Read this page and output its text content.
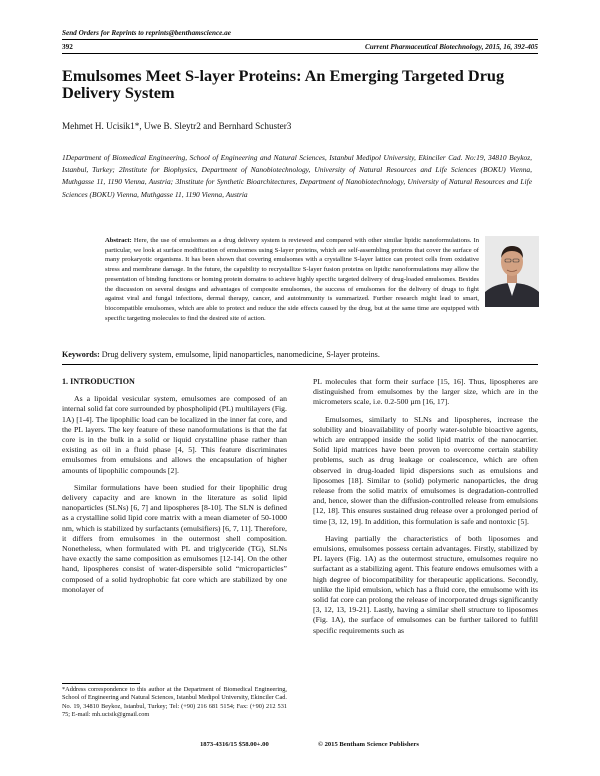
Send Orders for Reprints to reprints@benthamscience.ae
392	Current Pharmaceutical Biotechnology, 2015, 16, 392-405
Emulsomes Meet S-layer Proteins: An Emerging Targeted Drug Delivery System
Mehmet H. Ucisik1*, Uwe B. Sleytr2 and Bernhard Schuster3
1Department of Biomedical Engineering, School of Engineering and Natural Sciences, Istanbul Medipol University, Ekinciler Cad. No:19, 34810 Beykoz, Istanbul, Turkey; 2Institute for Biophysics, Department of Nanobiotechnology, University of Natural Resources and Life Sciences (BOKU) Vienna, Muthgasse 11, 1190 Vienna, Austria; 3Institute for Synthetic Bioarchitectures, Department of Nanobiotechnology, University of Natural Resources and Life Sciences (BOKU) Vienna, Muthgasse 11, 1190 Vienna, Austria
Abstract: Here, the use of emulsomes as a drug delivery system is reviewed and compared with other similar lipidic nanoformulations. In particular, we look at surface modification of emulsomes using S-layer proteins, which are self-assembling proteins that cover the surface of many prokaryotic organisms. It has been shown that covering emulsomes with a crystalline S-layer lattice can protect cells from oxidative stress and membrane damage. In the future, the capability to recrystallize S-layer fusion proteins on lipidic nanoformulations may allow the presentation of binding functions or homing protein domains to achieve highly specific targeted delivery of drug-loaded emulsomes. Besides the discussion on several designs and advantages of composite emulsomes, the success of emulsomes for the delivery of drugs to fight against viral and fungal infections, dermal therapy, cancer, and autoimmunity is summarized. Further research might lead to smart, biocompatible emulsomes, which are able to protect and reduce the side effects caused by the drug, but at the same time are equipped with specific targeting molecules to find the desired site of action.
Keywords: Drug delivery system, emulsome, lipid nanoparticles, nanomedicine, S-layer proteins.

1. INTRODUCTION

As a lipoidal vesicular system, emulsomes are composed of an internal solid fat core surrounded by phospholipid (PL) multilayers (Fig. 1A) [1-4]. The lipophilic load can be localized in the inner fat core, and the PL layers. The key feature of these nanoformulations is that the fat core is in the bulk in a solid or liquid crystalline phase rather than existing as oil in a fluid phase [4, 5]. This feature discriminates emulsomes from emulsions and allows the encapsulation of higher amounts of lipophilic compounds [2].

Similar formulations have been studied for their lipophilic drug delivery capacity and are known in the literature as solid lipid nanoparticles (SLNs) [6, 7] and lipospheres [8-10]. The SLN is defined as a crystalline solid lipid core matrix with a mean diameter of 50-1000 nm, which is stabilized by surfactants (emulsifiers) [6, 7, 11]. Therefore, it differs from emulsomes in the outermost shell composition. Nonetheless, when formulated with PL and triglyceride (TG), SLNs have exactly the same composition as emulsomes [12-14]. On the other hand, lipospheres consist of water-dispersible solid “microparticles” composed of a solid hydrophobic fat core which are stabilized by one monolayer of

PL molecules that form their surface [15, 16]. Thus, lipospheres are distinguished from emulsomes by the larger size, which are in the micrometers scale, i.e. 0.2-500 µm [16, 17].

Emulsomes, similarly to SLNs and lipospheres, increase the solubility and bioavailability of poorly water-soluble bioactive agents, which are entrapped inside the solid lipid matrix of the nanocarrier. Solid lipid matrices have been proven to overcome certain stability problems, such as drug leakage or coalescence, which are often observed in drug-loaded lipid dispersions such as emulsions and liposomes [18]. Similar to (solid) polymeric nanoparticles, the drug release from the solid matrix of emulsomes is degradation-controlled and, hence, slower than the diffusion-controlled release from emulsions [12, 18]. This ensures sustained drug release over a prolonged period of time [3, 12, 19]. In addition, this formulation is safe and nontoxic [5].

Having partially the characteristics of both liposomes and emulsions, emulsomes possess certain advantages. Firstly, stabilized by PL layers (Fig. 1A) as the outermost structure, emulsomes require no surfactant as a stabilizing agent. This feature endows emulsomes with a high degree of biocompatibility for therapeutic applications. Secondly, unlike the lipid emulsion, which has a fluid core, the emulsome with its solid fat core can prolong the release of incorporated drugs significantly [3, 12, 13, 19-21]. Lastly, having a similar shell structure to liposomes (Fig. 1A), the surface of emulsomes can be further tailored to fulfill specific requirements such as

*Address correspondence to this author at the Department of Biomedical Engineering, School of Engineering and Natural Sciences, Istanbul Medipol University, Ekinciler Cad. No. 19, 34810 Beykoz, Istanbul, Turkey; Tel: (+90) 216 681 5154; Fax: (+90) 212 531 75; E-mail: mh.ucisik@gmail.com
1873-4316/15 $58.00+.00	© 2015 Bentham Science Publishers
